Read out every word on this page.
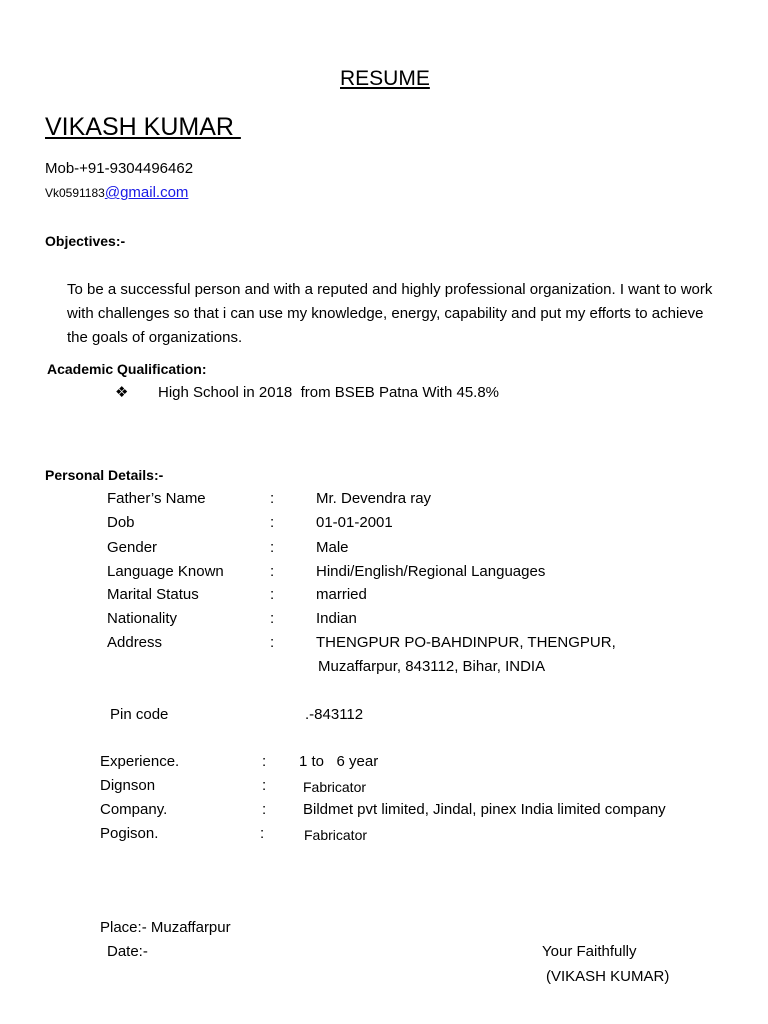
RESUME
VIKASH KUMAR
Mob-+91-9304496462
Vk0591183@gmail.com
Objectives:-
To be a successful person and with a reputed and highly professional organization. I want to work with challenges so that i can use my knowledge, energy, capability and put my efforts to achieve the goals of organizations.
Academic Qualification:
❖ High School in 2018  from BSEB Patna With 45.8%
Personal Details:-
Father’s Name	:	Mr. Devendra ray
Dob	:	01-01-2001
Gender	:	Male
Language Known	:	Hindi/English/Regional Languages
Marital Status	:	married
Nationality	:	Indian
Address	:	THENGPUR PO-BAHDINPUR, THENGPUR,
Muzaffarpur, 843112, Bihar, INDIA
Pin code	.-843112
Experience.	: 1 to   6 year
Dignson	:	Fabricator
Company.	: Bildmet pvt limited, Jindal, pinex India limited company
Pogison.	:	Fabricator
Place:- Muzaffarpur
Date:-	Your Faithfully
(VIKASH KUMAR)
